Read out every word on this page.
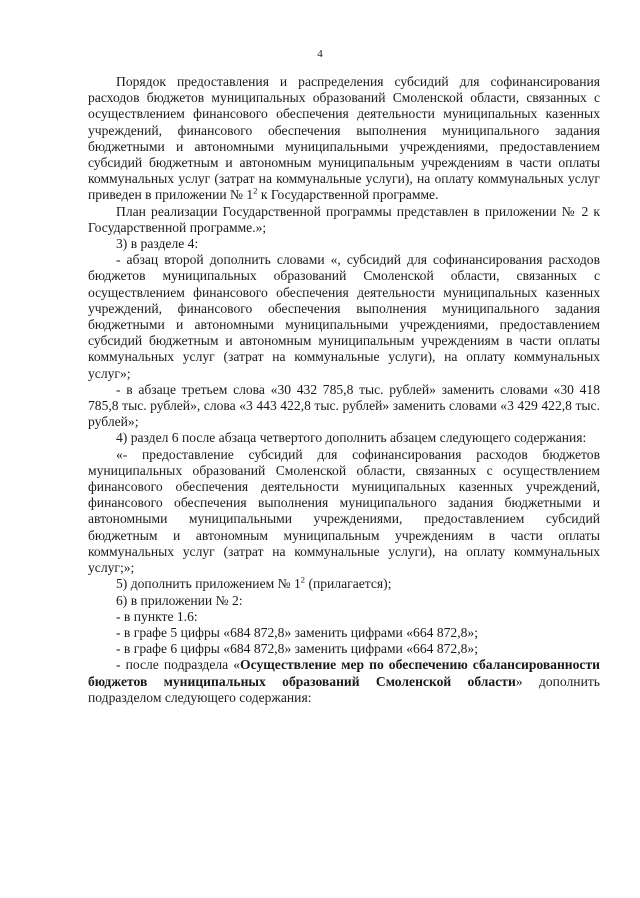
4

Порядок предоставления и распределения субсидий для софинансирования расходов бюджетов муниципальных образований Смоленской области, связанных с осуществлением финансового обеспечения деятельности муниципальных казенных учреждений, финансового обеспечения выполнения муниципального задания бюджетными и автономными муниципальными учреждениями, предоставлением субсидий бюджетным и автономным муниципальным учреждениям в части оплаты коммунальных услуг (затрат на коммунальные услуги), на оплату коммунальных услуг приведен в приложении № $1^2$ к Государственной программе.

План реализации Государственной программы представлен в приложении № 2 к Государственной программе.»;

3) в разделе 4:

- абзац второй дополнить словами «, субсидий для софинансирования расходов бюджетов муниципальных образований Смоленской области, связанных с осуществлением финансового обеспечения деятельности муниципальных казенных учреждений, финансового обеспечения выполнения муниципального задания бюджетными и автономными муниципальными учреждениями, предоставлением субсидий бюджетным и автономным муниципальным учреждениям в части оплаты коммунальных услуг (затрат на коммунальные услуги), на оплату коммунальных услуг»;

- в абзаце третьем слова «30 432 785,8 тыс. рублей» заменить словами «30 418 785,8 тыс. рублей», слова «3 443 422,8 тыс. рублей» заменить словами «3 429 422,8 тыс. рублей»;

4) раздел 6 после абзаца четвертого дополнить абзацем следующего содержания:

«- предоставление субсидий для софинансирования расходов бюджетов муниципальных образований Смоленской области, связанных с осуществлением финансового обеспечения деятельности муниципальных казенных учреждений, финансового обеспечения выполнения муниципального задания бюджетными и автономными муниципальными учреждениями, предоставлением субсидий бюджетным и автономным муниципальным учреждениям в части оплаты коммунальных услуг (затрат на коммунальные услуги), на оплату коммунальных услуг;»;

5) дополнить приложением № $1^2$ (прилагается);

6) в приложении № 2:

- в пункте 1.6:

- в графе 5 цифры «684 872,8» заменить цифрами «664 872,8»;

- в графе 6 цифры «684 872,8» заменить цифрами «664 872,8»;

- после подраздела «Осуществление мер по обеспечению сбалансированности бюджетов муниципальных образований Смоленской области» дополнить подразделом следующего содержания:
